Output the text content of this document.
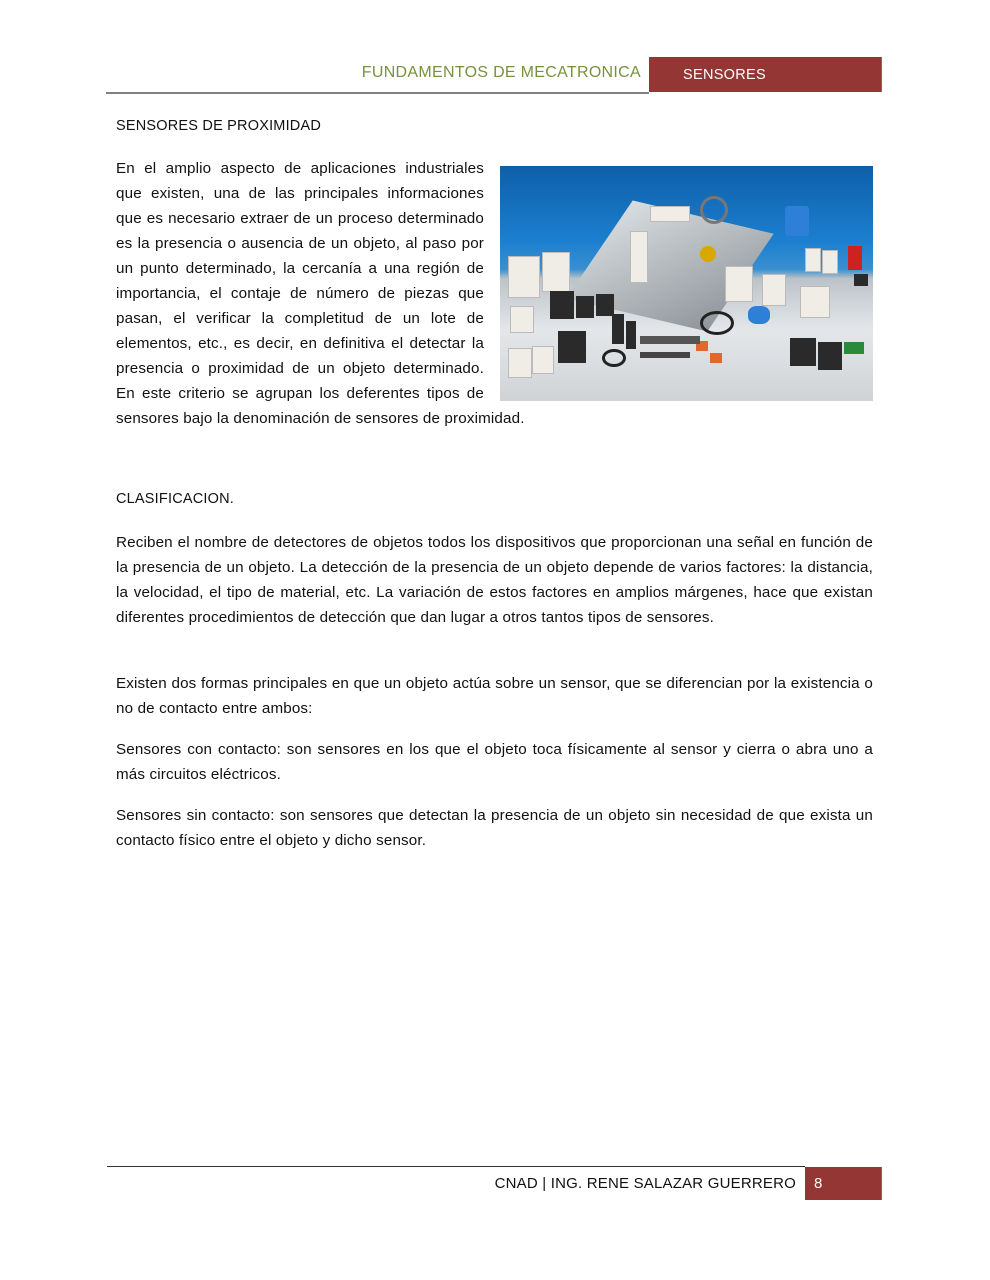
FUNDAMENTOS DE MECATRONICA	SENSORES
SENSORES DE PROXIMIDAD
En el amplio aspecto de aplicaciones industriales que existen, una de las principales informaciones que es necesario extraer de un proceso determinado es la presencia o ausencia de un objeto, al paso por un punto determinado, la cercanía a una región de importancia, el contaje de número de piezas que pasan, el verificar la completitud de un lote de elementos, etc., es decir, en definitiva el detectar la presencia o proximidad de un objeto determinado. En este criterio se agrupan los deferentes tipos de sensores bajo la denominación de sensores de proximidad.
CLASIFICACION.
Reciben el nombre de detectores de objetos todos los dispositivos que proporcionan una señal en función de la presencia de un objeto. La detección de la presencia de un objeto depende de varios factores: la distancia, la velocidad, el tipo de material, etc. La variación de estos factores en amplios márgenes, hace que existan diferentes procedimientos de detección que dan lugar a otros tantos tipos de sensores.
Existen dos formas principales en que un objeto actúa sobre un sensor, que se diferencian por la existencia o no de contacto entre ambos:
Sensores con contacto: son sensores en los que el objeto toca físicamente al sensor y cierra o abra uno a más circuitos eléctricos.
Sensores sin contacto: son sensores que detectan la presencia de un objeto sin necesidad de que exista un contacto físico entre el objeto y dicho sensor.
CNAD | ING. RENE SALAZAR GUERRERO 8
